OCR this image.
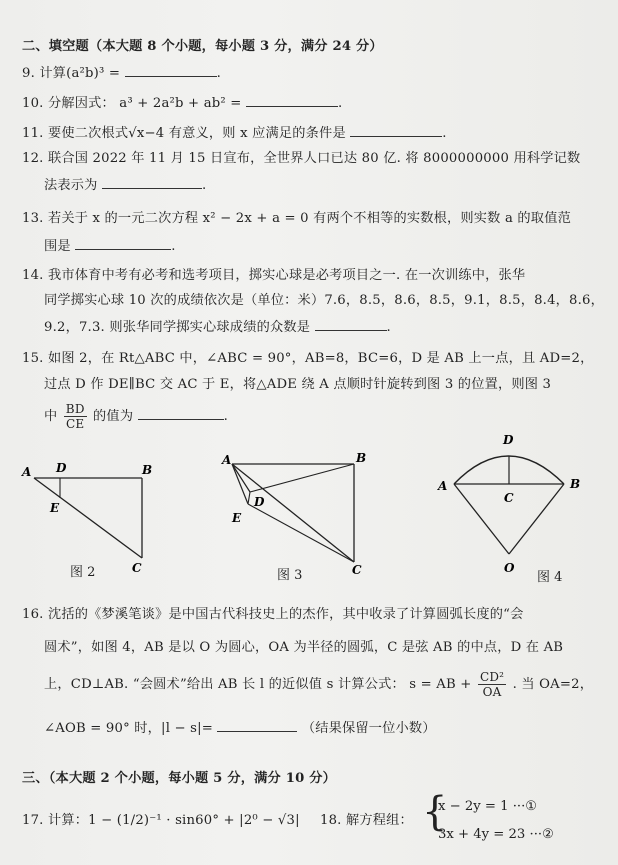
二、填空题（本大题 8 个小题，每小题 3 分，满分 24 分）
9. 计算(a²b)³ =	.
10. 分解因式： a³ + 2a²b + ab² =	.
11. 要使二次根式√x−4 有意义，则 x 应满足的条件是	.
12. 联合国 2022 年 11 月 15 日宣布，全世界人口已达 80 亿. 将 8000000000 用科学记数
法表示为	.
13. 若关于 x 的一元二次方程 x² − 2x + a = 0 有两个不相等的实数根，则实数 a 的取值范
围是	.
14. 我市体育中考有必考和选考项目，掷实心球是必考项目之一. 在一次训练中，张华
同学掷实心球 10 次的成绩依次是（单位：米）7.6，8.5，8.6，8.5，9.1，8.5，8.4，8.6，
9.2，7.3. 则张华同学掷实心球成绩的众数是	.
15. 如图 2，在 Rt△ABC 中，∠ABC = 90°，AB=8，BC=6，D 是 AB 上一点，且 AD=2，
过点 D 作 DE∥BC 交 AC 于 E，将△ADE 绕 A 点顺时针旋转到图 3 的位置，则图 3
中 $\frac{BD}{CE}$ 的值为	.
A D	B
E
C
图 2
A	B
D
E
C
图 3
D
A
C
B
O
图 4
16. 沈括的《梦溪笔谈》是中国古代科技史上的杰作，其中收录了计算圆弧长度的“会
圆术”，如图 4，AB 是以 O 为圆心，OA 为半径的圆弧，C 是弦 AB 的中点，D 在 AB
上，CD⊥AB. “会圆术”给出 AB 长 l 的近似值 s 计算公式： s = AB + $\frac{\text{CD²}}{OA}$ . 当 OA=2，
∠AOB = 90° 时，|l − s|=	（结果保留一位小数）
三、（本大题 2 个小题，每小题 5 分，满分 10 分）
17. 计算：1 − (1/2)⁻¹ · sin60° + |2⁰ − √3| 18. 解方程组： {
x − 2y = 1 ···①
3x + 4y = 23 ···②
